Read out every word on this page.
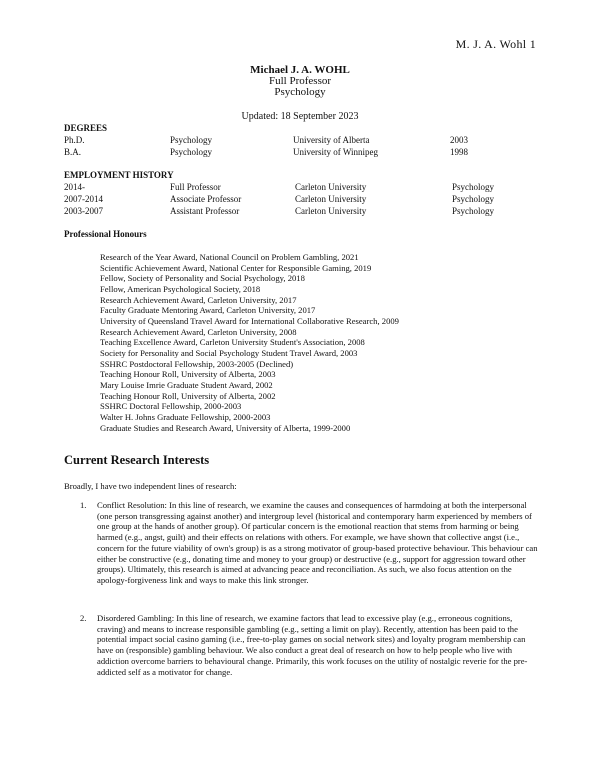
M. J. A. Wohl 1
Michael J. A. WOHL
Full Professor
Psychology
Updated: 18 September 2023
DEGREES
Ph.D.	Psychology	University of Alberta	2003
B.A.	Psychology	University of Winnipeg	1998
EMPLOYMENT HISTORY
2014-	Full Professor	Carleton University	Psychology
2007-2014	Associate Professor	Carleton University	Psychology
2003-2007	Assistant Professor	Carleton University	Psychology
Professional Honours
Research of the Year Award, National Council on Problem Gambling, 2021
Scientific Achievement Award, National Center for Responsible Gaming, 2019
Fellow, Society of Personality and Social Psychology, 2018
Fellow, American Psychological Society, 2018
Research Achievement Award, Carleton University, 2017
Faculty Graduate Mentoring Award, Carleton University, 2017
University of Queensland Travel Award for International Collaborative Research, 2009
Research Achievement Award, Carleton University, 2008
Teaching Excellence Award, Carleton University Student's Association, 2008
Society for Personality and Social Psychology Student Travel Award, 2003
SSHRC Postdoctoral Fellowship, 2003-2005 (Declined)
Teaching Honour Roll, University of Alberta, 2003
Mary Louise Imrie Graduate Student Award, 2002
Teaching Honour Roll, University of Alberta, 2002
SSHRC Doctoral Fellowship, 2000-2003
Walter H. Johns Graduate Fellowship, 2000-2003
Graduate Studies and Research Award, University of Alberta, 1999-2000
Current Research Interests
Broadly, I have two independent lines of research:
1. Conflict Resolution: In this line of research, we examine the causes and consequences of harmdoing at both the interpersonal (one person transgressing against another) and intergroup level (historical and contemporary harm experienced by members of one group at the hands of another group). Of particular concern is the emotional reaction that stems from harming or being harmed (e.g., angst, guilt) and their effects on relations with others. For example, we have shown that collective angst (i.e., concern for the future viability of own's group) is as a strong motivator of group-based protective behaviour. This behaviour can either be constructive (e.g., donating time and money to your group) or destructive (e.g., support for aggression toward other groups). Ultimately, this research is aimed at advancing peace and reconciliation. As such, we also focus attention on the apology-forgiveness link and ways to make this link stronger.
2. Disordered Gambling: In this line of research, we examine factors that lead to excessive play (e.g., erroneous cognitions, craving) and means to increase responsible gambling (e.g., setting a limit on play). Recently, attention has been paid to the potential impact social casino gaming (i.e., free-to-play games on social network sites) and loyalty program membership can have on (responsible) gambling behaviour. We also conduct a great deal of research on how to help people who live with addiction overcome barriers to behavioural change. Primarily, this work focuses on the utility of nostalgic reverie for the pre-addicted self as a motivator for change.
